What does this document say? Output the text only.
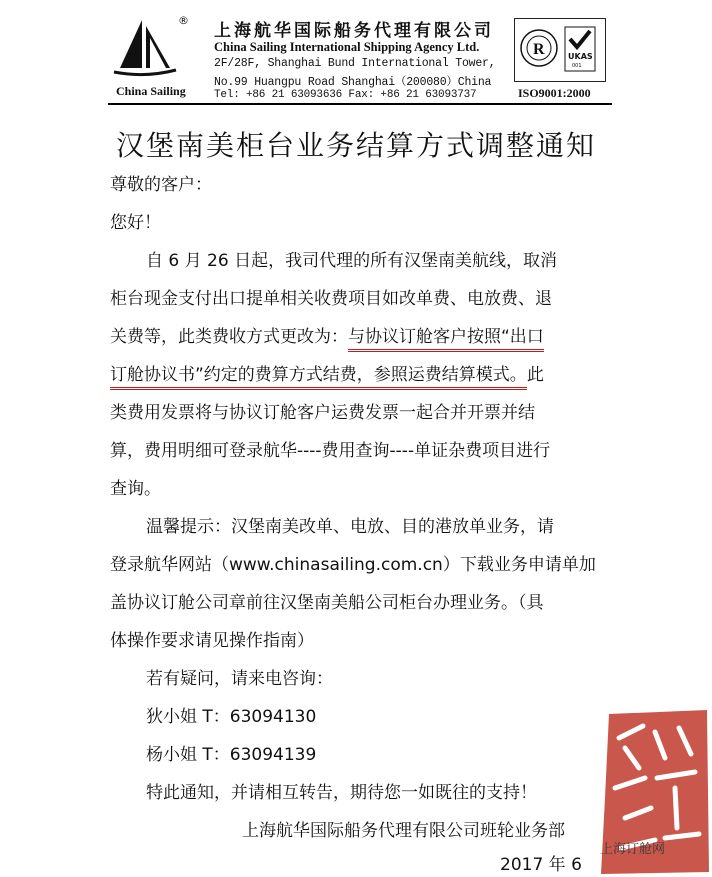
®
China Sailing
上海航华国际船务代理有限公司
China Sailing International Shipping Agency Ltd.
2F/28F, Shanghai Bund International Tower,
No.99 Huangpu Road Shanghai（200080）China
Tel: +86 21 63093636 Fax: +86 21 63093737
R	UKAS
001
ISO9001:2000
汉堡南美柜台业务结算方式调整通知
尊敬的客户：
您好！
自 6 月 26 日起，我司代理的所有汉堡南美航线，取消
柜台现金支付出口提单相关收费项目如改单费、电放费、退
关费等，此类费收方式更改为：与协议订舱客户按照“出口
订舱协议书”约定的费算方式结费，参照运费结算模式。此
类费用发票将与协议订舱客户运费发票一起合并开票并结
算，费用明细可登录航华----费用查询----单证杂费项目进行
查询。
温馨提示：汉堡南美改单、电放、目的港放单业务，请
登录航华网站（www.chinasailing.com.cn）下载业务申请单加
盖协议订舱公司章前往汉堡南美船公司柜台办理业务。（具
体操作要求请见操作指南）
若有疑问，请来电咨询：
狄小姐 T：63094130
杨小姐 T：63094139
特此通知，并请相互转告，期待您一如既往的支持！
上海航华国际船务代理有限公司班轮业务部
2017 年 6
上海订舱网
